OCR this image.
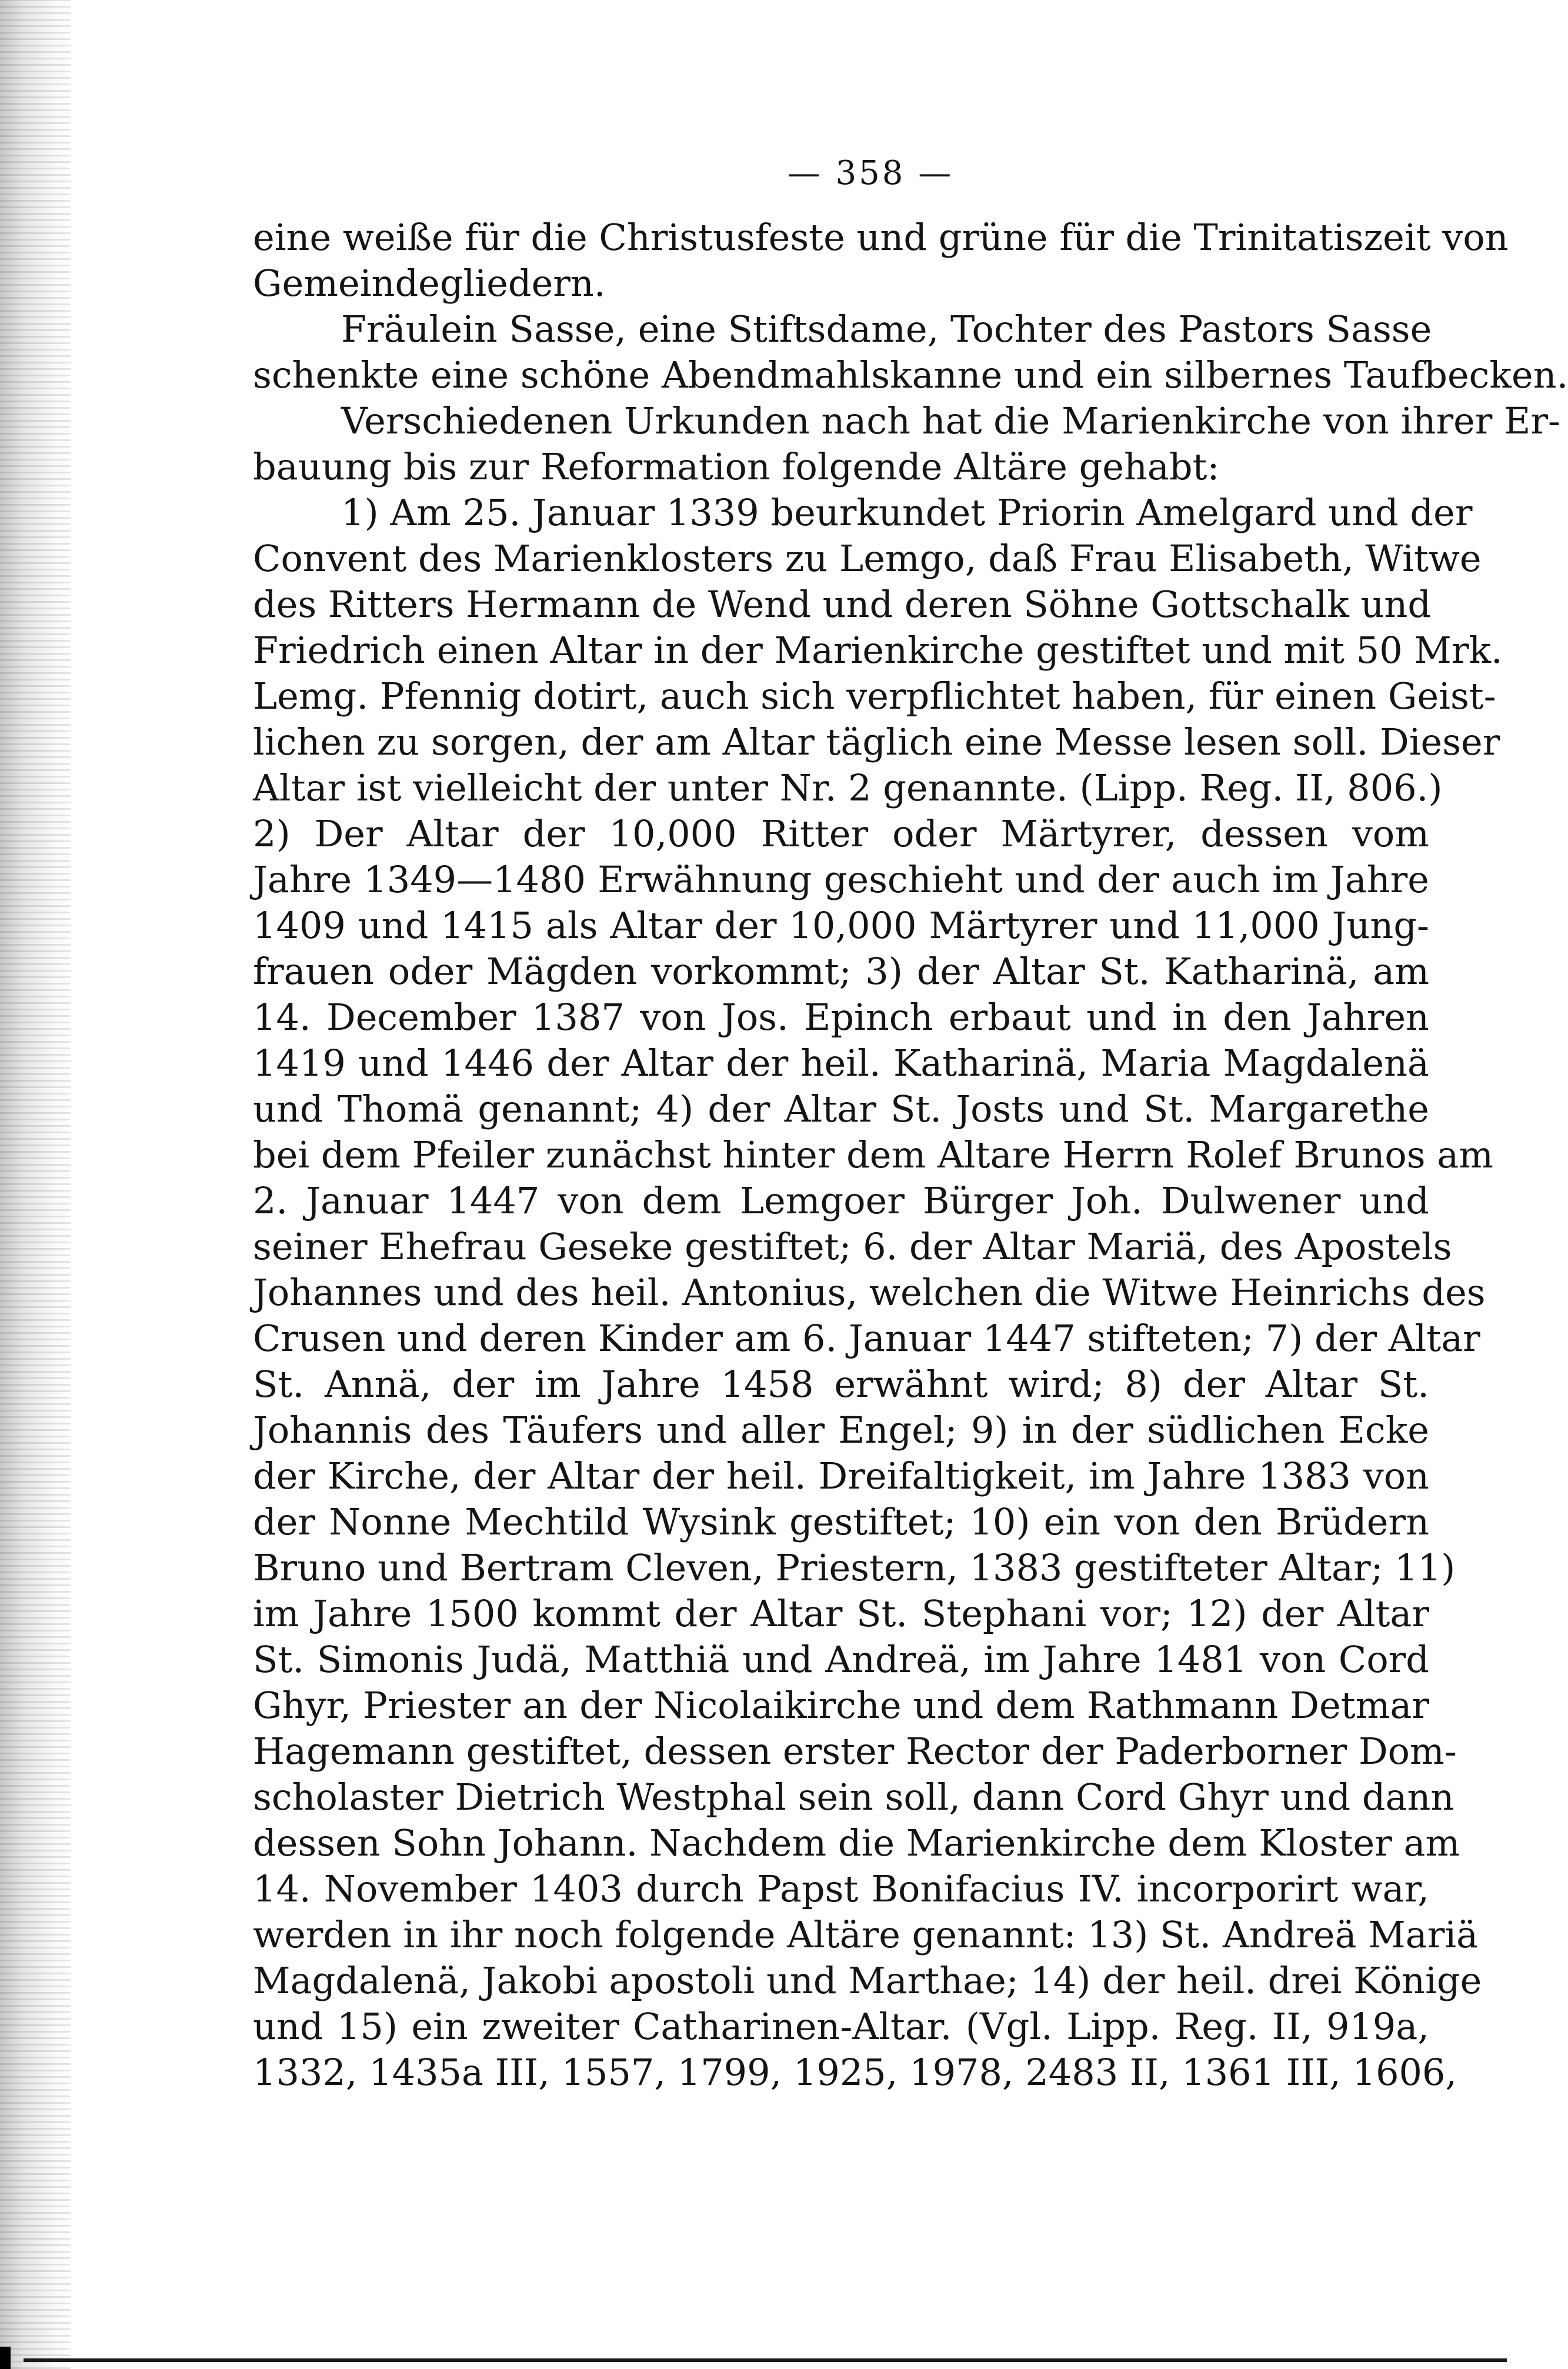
— 358 —
eine weiße für die Christusfeste und grüne für die Trinitatiszeit von
Gemeindegliedern.
Fräulein Sasse, eine Stiftsdame, Tochter des Pastors Sasse
schenkte eine schöne Abendmahlskanne und ein silbernes Taufbecken.
Verschiedenen Urkunden nach hat die Marienkirche von ihrer Er-
bauung bis zur Reformation folgende Altäre gehabt:
1) Am 25. Januar 1339 beurkundet Priorin Amelgard und der
Convent des Marienklosters zu Lemgo, daß Frau Elisabeth, Witwe
des Ritters Hermann de Wend und deren Söhne Gottschalk und
Friedrich einen Altar in der Marienkirche gestiftet und mit 50 Mrk.
Lemg. Pfennig dotirt, auch sich verpflichtet haben, für einen Geist-
lichen zu sorgen, der am Altar täglich eine Messe lesen soll. Dieser
Altar ist vielleicht der unter Nr. 2 genannte. (Lipp. Reg. II, 806.)
2) Der Altar der 10,000 Ritter oder Märtyrer, dessen vom
Jahre 1349—1480 Erwähnung geschieht und der auch im Jahre
1409 und 1415 als Altar der 10,000 Märtyrer und 11,000 Jung-
frauen oder Mägden vorkommt; 3) der Altar St. Katharinä, am
14. December 1387 von Jos. Epinch erbaut und in den Jahren
1419 und 1446 der Altar der heil. Katharinä, Maria Magdalenä
und Thomä genannt; 4) der Altar St. Josts und St. Margarethe
bei dem Pfeiler zunächst hinter dem Altare Herrn Rolef Brunos am
2. Januar 1447 von dem Lemgoer Bürger Joh. Dulwener und
seiner Ehefrau Geseke gestiftet; 6. der Altar Mariä, des Apostels
Johannes und des heil. Antonius, welchen die Witwe Heinrichs des
Crusen und deren Kinder am 6. Januar 1447 stifteten; 7) der Altar
St. Annä, der im Jahre 1458 erwähnt wird; 8) der Altar St.
Johannis des Täufers und aller Engel; 9) in der südlichen Ecke
der Kirche, der Altar der heil. Dreifaltigkeit, im Jahre 1383 von
der Nonne Mechtild Wysink gestiftet; 10) ein von den Brüdern
Bruno und Bertram Cleven, Priestern, 1383 gestifteter Altar; 11)
im Jahre 1500 kommt der Altar St. Stephani vor; 12) der Altar
St. Simonis Judä, Matthiä und Andreä, im Jahre 1481 von Cord
Ghyr, Priester an der Nicolaikirche und dem Rathmann Detmar
Hagemann gestiftet, dessen erster Rector der Paderborner Dom-
scholaster Dietrich Westphal sein soll, dann Cord Ghyr und dann
dessen Sohn Johann. Nachdem die Marienkirche dem Kloster am
14. November 1403 durch Papst Bonifacius IV. incorporirt war,
werden in ihr noch folgende Altäre genannt: 13) St. Andreä Mariä
Magdalenä, Jakobi apostoli und Marthae; 14) der heil. drei Könige
und 15) ein zweiter Catharinen-Altar. (Vgl. Lipp. Reg. II, 919a,
1332, 1435a III, 1557, 1799, 1925, 1978, 2483 II, 1361 III, 1606,
